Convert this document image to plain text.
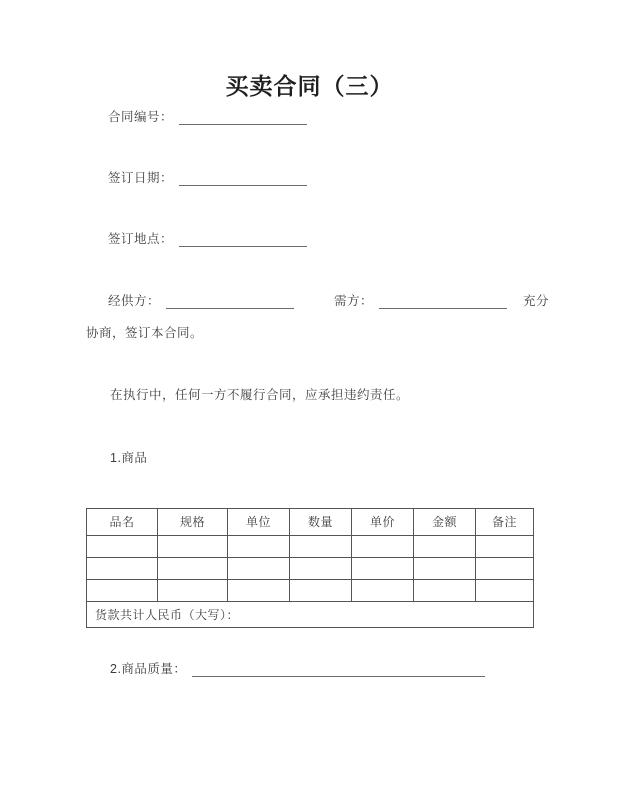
买卖合同（三）
合同编号：
签订日期：
签订地点：
经供方：	需方：	充分
协商，签订本合同。
在执行中，任何一方不履行合同，应承担违约责任。
1.商品
品名	规格	单位	数量	单价	金额	备注

货款共计人民币（大写）：						
2.商品质量：
